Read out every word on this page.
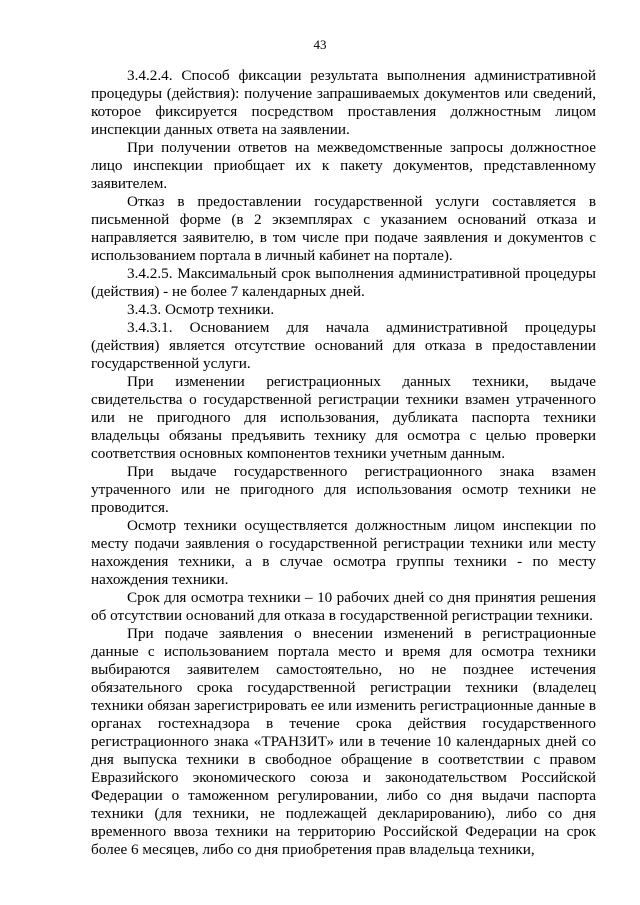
43

3.4.2.4. Способ фиксации результата выполнения административной процедуры (действия): получение запрашиваемых документов или сведений, которое фиксируется посредством проставления должностным лицом инспекции данных ответа на заявлении.

При получении ответов на межведомственные запросы должностное лицо инспекции приобщает их к пакету документов, представленному заявителем.

Отказ в предоставлении государственной услуги составляется в письменной форме (в 2 экземплярах с указанием оснований отказа и направляется заявителю, в том числе при подаче заявления и документов с использованием портала в личный кабинет на портале).

3.4.2.5. Максимальный срок выполнения административной процедуры (действия) - не более 7 календарных дней.

3.4.3. Осмотр техники.

3.4.3.1. Основанием для начала административной процедуры (действия) является отсутствие оснований для отказа в предоставлении государственной услуги.

При изменении регистрационных данных техники, выдаче свидетельства о государственной регистрации техники взамен утраченного или не пригодного для использования, дубликата паспорта техники владельцы обязаны предъявить технику для осмотра с целью проверки соответствия основных компонентов техники учетным данным.

При выдаче государственного регистрационного знака взамен утраченного или не пригодного для использования осмотр техники не проводится.

Осмотр техники осуществляется должностным лицом инспекции по месту подачи заявления о государственной регистрации техники или месту нахождения техники, а в случае осмотра группы техники - по месту нахождения техники.

Срок для осмотра техники – 10 рабочих дней со дня принятия решения об отсутствии оснований для отказа в государственной регистрации техники.

При подаче заявления о внесении изменений в регистрационные данные с использованием портала место и время для осмотра техники выбираются заявителем самостоятельно, но не позднее истечения обязательного срока государственной регистрации техники (владелец техники обязан зарегистрировать ее или изменить регистрационные данные в органах гостехнадзора в течение срока действия государственного регистрационного знака «ТРАНЗИТ» или в течение 10 календарных дней со дня выпуска техники в свободное обращение в соответствии с правом Евразийского экономического союза и законодательством Российской Федерации о таможенном регулировании, либо со дня выдачи паспорта техники (для техники, не подлежащей декларированию), либо со дня временного ввоза техники на территорию Российской Федерации на срок более 6 месяцев, либо со дня приобретения прав владельца техники,
